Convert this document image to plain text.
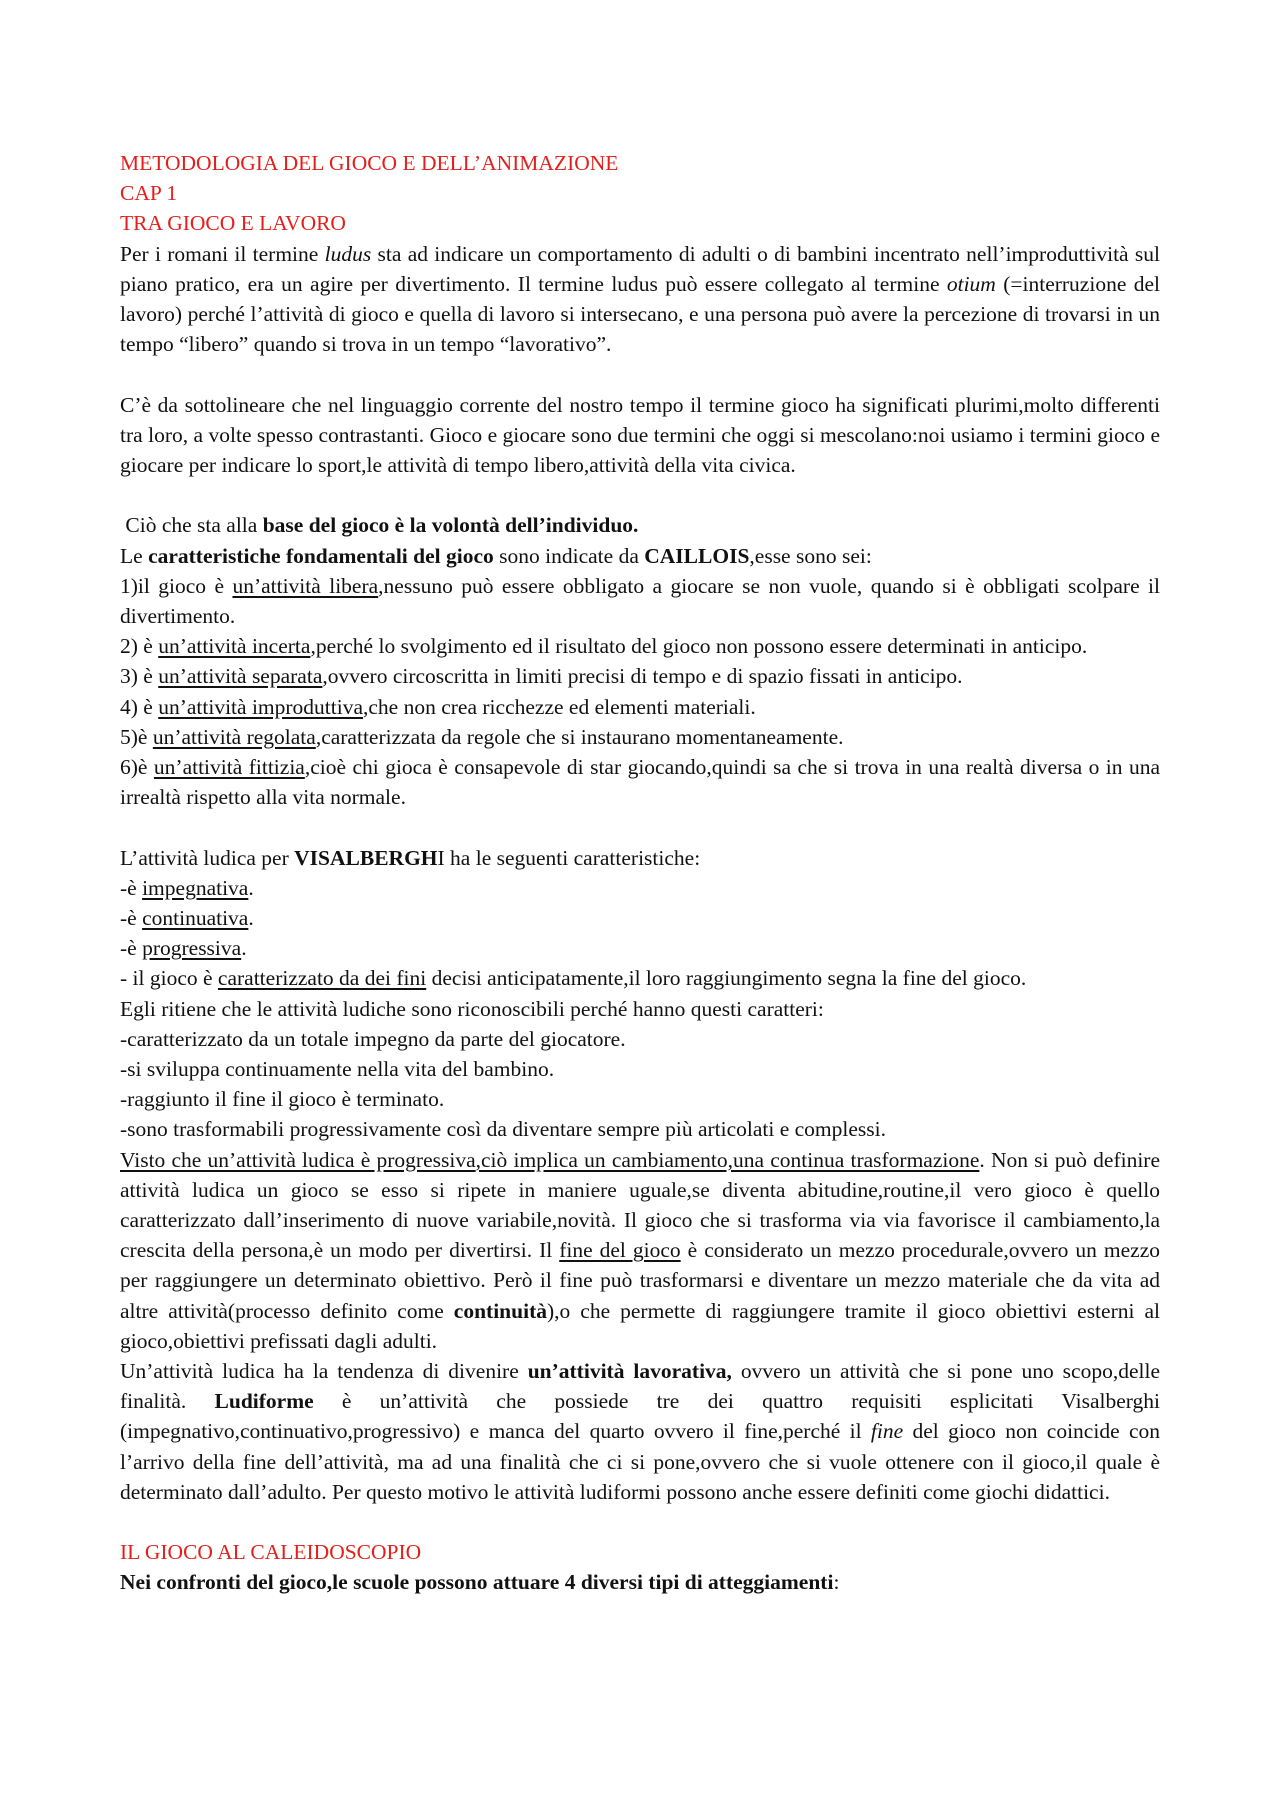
METODOLOGIA DEL GIOCO E DELL’ANIMAZIONE
CAP 1
TRA GIOCO E LAVORO

Per i romani il termine ludus sta ad indicare un comportamento di adulti o di bambini incentrato nell’improduttività sul piano pratico, era un agire per divertimento. Il termine ludus può essere collegato al termine otium (=interruzione del lavoro) perché l’attività di gioco e quella di lavoro si intersecano, e una persona può avere la percezione di trovarsi in un tempo “libero” quando si trova in un tempo “lavorativo”.

C’è da sottolineare che nel linguaggio corrente del nostro tempo il termine gioco ha significati plurimi,molto differenti tra loro, a volte spesso contrastanti. Gioco e giocare sono due termini che oggi si mescolano:noi usiamo i termini gioco e giocare per indicare lo sport,le attività di tempo libero,attività della vita civica.

Ciò che sta alla base del gioco è la volontà dell’individuo.

Le caratteristiche fondamentali del gioco sono indicate da CAILLOIS,esse sono sei:

1)il gioco è un’attività libera,nessuno può essere obbligato a giocare se non vuole, quando si è obbligati scolpare il divertimento.

2) è un’attività incerta,perché lo svolgimento ed il risultato del gioco non possono essere determinati in anticipo.

3) è un’attività separata,ovvero circoscritta in limiti precisi di tempo e di spazio fissati in anticipo.

4) è un’attività improduttiva,che non crea ricchezze ed elementi materiali.

5)è un’attività regolata,caratterizzata da regole che si instaurano momentaneamente.

6)è un’attività fittizia,cioè chi gioca è consapevole di star giocando,quindi sa che si trova in una realtà diversa o in una irrealtà rispetto alla vita normale.

L’attività ludica per VISALBERGHI ha le seguenti caratteristiche:

-è impegnativa.

-è continuativa.

-è progressiva.

- il gioco è caratterizzato da dei fini decisi anticipatamente,il loro raggiungimento segna la fine del gioco.

Egli ritiene che le attività ludiche sono riconoscibili perché hanno questi caratteri:

-caratterizzato da un totale impegno da parte del giocatore.

-si sviluppa continuamente nella vita del bambino.

-raggiunto il fine il gioco è terminato.

-sono trasformabili progressivamente così da diventare sempre più articolati e complessi.

Visto che un’attività ludica è progressiva,ciò implica un cambiamento,una continua trasformazione. Non si può definire attività ludica un gioco se esso si ripete in maniere uguale,se diventa abitudine,routine,il vero gioco è quello caratterizzato dall’inserimento di nuove variabile,novità. Il gioco che si trasforma via via favorisce il cambiamento,la crescita della persona,è un modo per divertirsi. Il fine del gioco è considerato un mezzo procedurale,ovvero un mezzo per raggiungere un determinato obiettivo. Però il fine può trasformarsi e diventare un mezzo materiale che da vita ad altre attività(processo definito come continuità),o che permette di raggiungere tramite il gioco obiettivi esterni al gioco,obiettivi prefissati dagli adulti.

Un’attività ludica ha la tendenza di divenire un’attività lavorativa, ovvero un attività che si pone uno scopo,delle finalità. Ludiforme è un’attività che possiede tre dei quattro requisiti esplicitati Visalberghi (impegnativo,continuativo,progressivo) e manca del quarto ovvero il fine,perché il fine del gioco non coincide con l’arrivo della fine dell’attività, ma ad una finalità che ci si pone,ovvero che si vuole ottenere con il gioco,il quale è determinato dall’adulto. Per questo motivo le attività ludiformi possono anche essere definiti come giochi didattici.

IL GIOCO AL CALEIDOSCOPIO

Nei confronti del gioco,le scuole possono attuare 4 diversi tipi di atteggiamenti:
